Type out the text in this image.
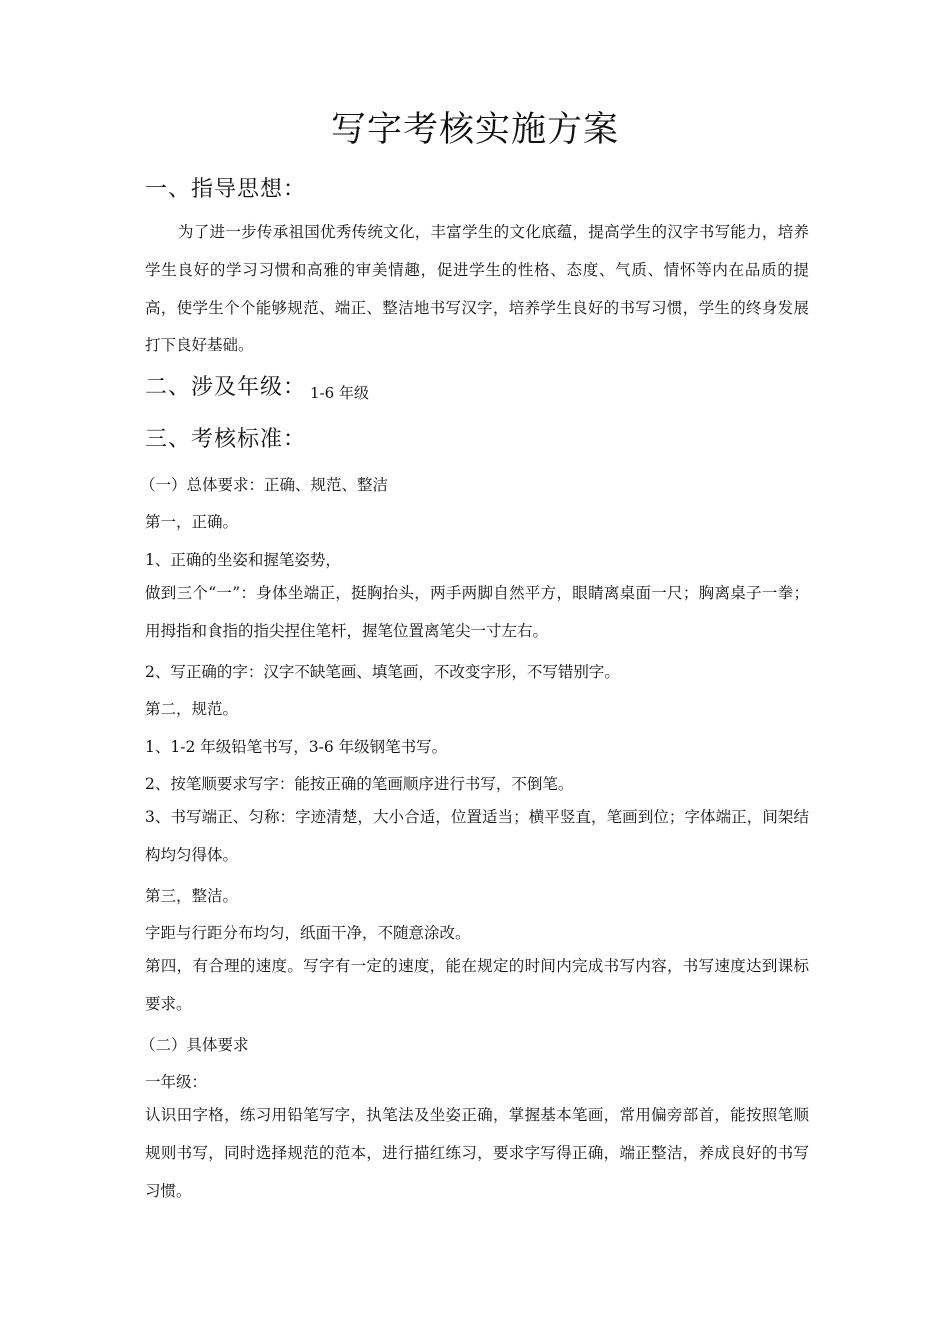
写字考核实施方案
一、指导思想：

为了进一步传承祖国优秀传统文化，丰富学生的文化底蕴，提高学生的汉字书写能力，培养学生良好的学习习惯和高雅的审美情趣，促进学生的性格、态度、气质、情怀等内在品质的提高，使学生个个能够规范、端正、整洁地书写汉字，培养学生良好的书写习惯，学生的终身发展打下良好基础。

二、涉及年级： 1-6 年级
三、考核标准：
（一）总体要求：正确、规范、整洁
第一，正确。
1、正确的坐姿和握笔姿势，

做到三个“一”：身体坐端正，挺胸抬头，两手两脚自然平方，眼睛离桌面一尺；胸离桌子一拳；用拇指和食指的指尖捏住笔杆，握笔位置离笔尖一寸左右。

2、写正确的字：汉字不缺笔画、填笔画，不改变字形，不写错别字。
第二，规范。
1、1-2 年级铅笔书写，3-6 年级钢笔书写。
2、按笔顺要求写字：能按正确的笔画顺序进行书写，不倒笔。

3、书写端正、匀称：字迹清楚，大小合适，位置适当；横平竖直，笔画到位；字体端正，间架结构均匀得体。

第三，整洁。
字距与行距分布均匀，纸面干净，不随意涂改。

第四，有合理的速度。写字有一定的速度，能在规定的时间内完成书写内容，书写速度达到课标要求。

（二）具体要求
一年级：

认识田字格，练习用铅笔写字，执笔法及坐姿正确，掌握基本笔画，常用偏旁部首，能按照笔顺规则书写，同时选择规范的范本，进行描红练习，要求字写得正确，端正整洁，养成良好的书写习惯。
